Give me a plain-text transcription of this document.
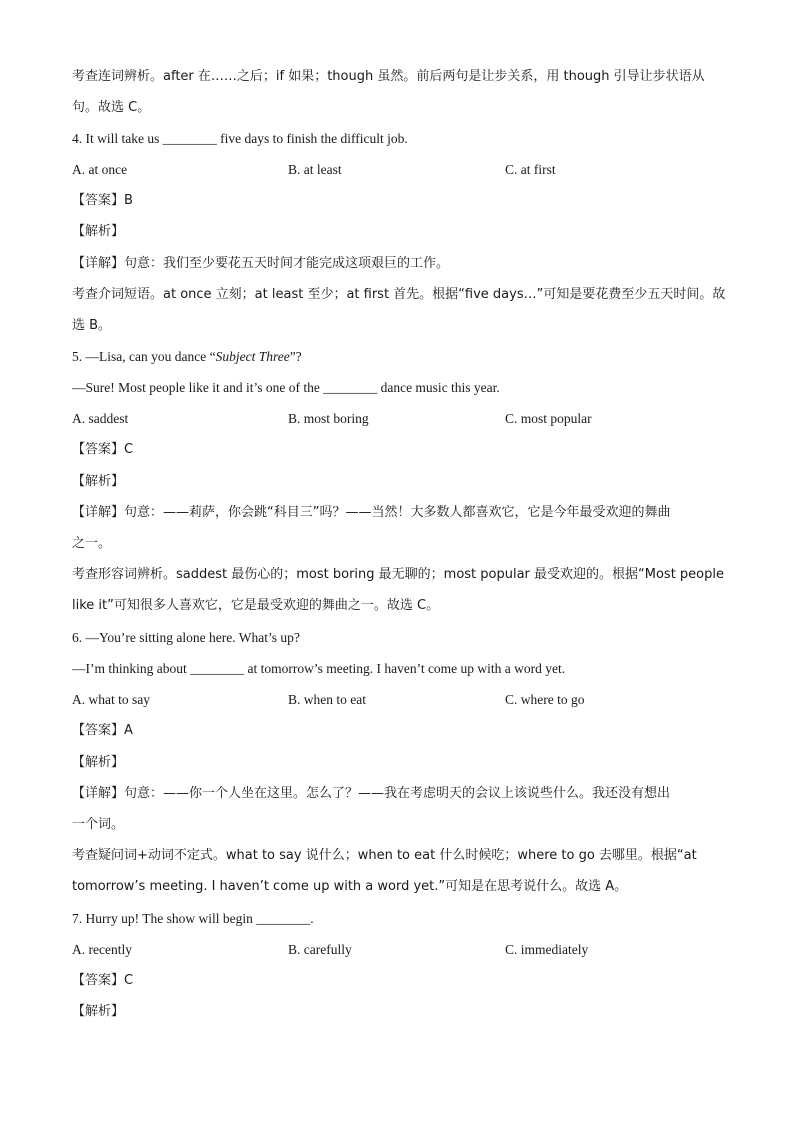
考查连词辨析。after 在……之后；if 如果；though 虽然。前后两句是让步关系，用 though 引导让步状语从
句。故选 C。
4. It will take us ________ five days to finish the difficult job.
A. at once	B. at least	C. at first
【答案】B
【解析】
【详解】句意：我们至少要花五天时间才能完成这项艰巨的工作。
考查介词短语。at once 立刻；at least 至少；at first 首先。根据“five days…”可知是要花费至少五天时间。故
选 B。
5. —Lisa, can you dance “Subject Three”?
—Sure! Most people like it and it’s one of the ________ dance music this year.
A. saddest	B. most boring	C. most popular
【答案】C
【解析】
【详解】句意：——莉萨，你会跳“科目三”吗？——当然！大多数人都喜欢它，它是今年最受欢迎的舞曲
之一。
考查形容词辨析。saddest 最伤心的；most boring 最无聊的；most popular 最受欢迎的。根据“Most people
like it”可知很多人喜欢它，它是最受欢迎的舞曲之一。故选 C。
6. —You’re sitting alone here. What’s up?
—I’m thinking about ________ at tomorrow’s meeting. I haven’t come up with a word yet.
A. what to say	B. when to eat	C. where to go
【答案】A
【解析】
【详解】句意：——你一个人坐在这里。怎么了？——我在考虑明天的会议上该说些什么。我还没有想出
一个词。
考查疑问词+动词不定式。what to say 说什么；when to eat 什么时候吃；where to go 去哪里。根据“at
tomorrow’s meeting. I haven’t come up with a word yet.”可知是在思考说什么。故选 A。
7. Hurry up! The show will begin ________.
A. recently	B. carefully	C. immediately
【答案】C
【解析】
